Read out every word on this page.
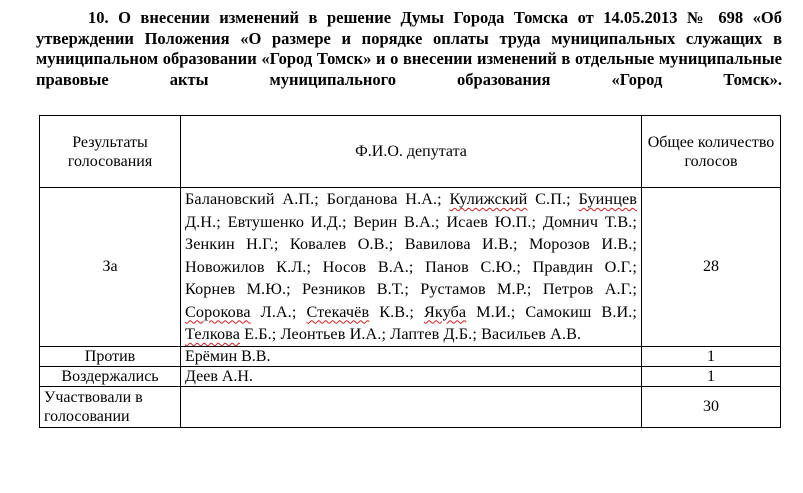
10. О внесении изменений в решение Думы Города Томска от 14.05.2013 № 698 «Об утверждении Положения «О размере и порядке оплаты труда муниципальных служащих в муниципальном образовании «Город Томск» и о внесении изменений в отдельные муниципальные правовые акты муниципального образования «Город	Томск».
Результаты голосования	Ф.И.О. депутата	Общее количество голосов
За	Балановский А.П.; Богданова Н.А.; Кулижский С.П.; Буинцев Д.Н.; Евтушенко И.Д.; Верин В.А.; Исаев Ю.П.; Домнич Т.В.; Зенкин Н.Г.; Ковалев О.В.; Вавилова И.В.; Морозов И.В.; Новожилов К.Л.; Носов В.А.; Панов С.Ю.; Правдин О.Г.; Корнев М.Ю.; Резников В.Т.; Рустамов М.Р.; Петров А.Г.; Сорокова Л.А.; Стекачёв К.В.; Якуба М.И.; Самокиш В.И.; Телкова Е.Б.; Леонтьев И.А.; Лаптев Д.Б.; Васильев А.В.	28
Против	Ерёмин В.В.	1
Воздержались	Деев А.Н.	1
Участвовали в голосовании		30
